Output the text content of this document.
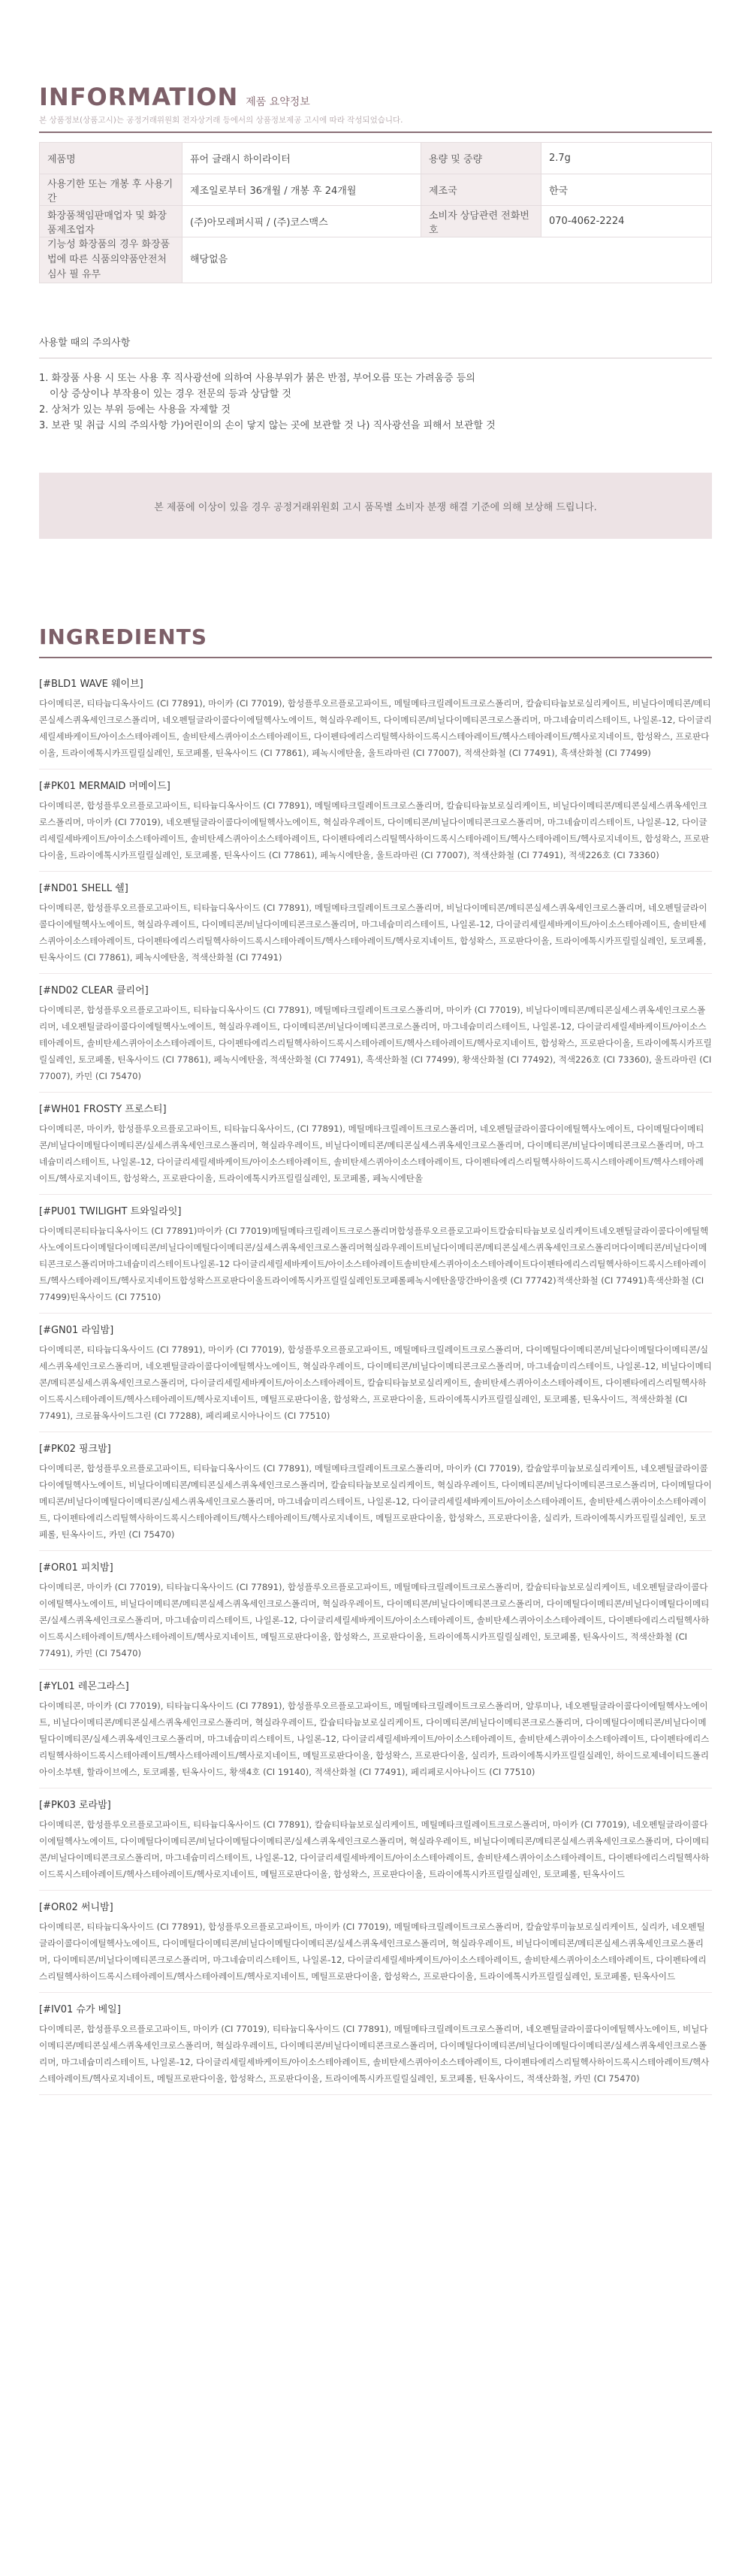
INFORMATION 제품 요약정보
본 상품정보(상품고시)는 공정거래위원회 전자상거래 등에서의 상품정보제공 고시에 따라 작성되었습니다.
제품명	퓨어 글래시 하이라이터	용량 및 중량	2.7g
사용기한 또는 개봉 후 사용기간	제조일로부터 36개월 / 개봉 후 24개월	제조국	한국
화장품책임판매업자 및 화장품제조업자	(주)아모레퍼시픽 / (주)코스맥스	소비자 상담관련 전화번호	070-4062-2224
기능성 화장품의 경우 화장품법에 따른 식품의약품안전처 심사 필 유무	해당없음		
사용할 때의 주의사항
1. 화장품 사용 시 또는 사용 후 직사광선에 의하여 사용부위가 붉은 반점, 부어오름 또는 가려움증 등의
이상 증상이나 부작용이 있는 경우 전문의 등과 상담할 것
2. 상처가 있는 부위 등에는 사용을 자제할 것
3. 보관 및 취급 시의 주의사항 가)어린이의 손이 닿지 않는 곳에 보관할 것 나) 직사광선을 피해서 보관할 것
본 제품에 이상이 있을 경우 공정거래위원회 고시 품목별 소비자 분쟁 해결 기준에 의해 보상해 드립니다.
INGREDIENTS
[#BLD1 WAVE 웨이브]
다이메티콘, 티타늄디옥사이드 (CI 77891), 마이카 (CI 77019), 합성플루오르플로고파이트, 메틸메타크릴레이트크로스폴리머, 칼슘티타늄보로실리케이트, 비닐다이메티콘/메티콘실세스퀴옥세인크로스폴리머, 네오펜틸글라이콜다이에틸헥사노에이트, 혁실라우레이트, 다이메티콘/비닐다이메티콘크로스폴리머, 마그네슘미리스테이트, 나일론-12, 다이글리세릴세바케이트/아이소스테아레이트, 솔비탄세스퀴아이소스테아레이트, 다이펜타에리스리틸헥사하이드록시스테아레이트/헥사스테아레이트/헥사로지네이트, 합성왁스, 프로판다이올, 트라이에톡시카프릴릴실레인, 토코페롤, 틴옥사이드 (CI 77861), 페녹시에탄올, 울트라마린 (CI 77007), 적색산화철 (CI 77491), 흑색산화철 (CI 77499)
[#PK01 MERMAID 머메이드]
다이메티콘, 합성플루오르플로고파이트, 티타늄디옥사이드 (CI 77891), 메틸메타크릴레이트크로스폴리머, 칼슘티타늄보로실리케이트, 비닐다이메티콘/메티콘실세스퀴옥세인크로스폴리머, 마이카 (CI 77019), 네오펜틸글라이콜다이에틸헥사노에이트, 혁실라우레이트, 다이메티콘/비닐다이메티콘크로스폴리머, 마그네슘미리스테이트, 나일론-12, 다이글리세릴세바케이트/아이소스테아레이트, 솔비탄세스퀴아이소스테아레이트, 다이펜타에리스리틸헥사하이드록시스테아레이트/헥사스테아레이트/헥사로지네이트, 합성왁스, 프로판다이올, 트라이에톡시카프릴릴실레인, 토코페롤, 틴옥사이드 (CI 77861), 페녹시에탄올, 울트라마린 (CI 77007), 적색산화철 (CI 77491), 적색226호 (CI 73360)
[#ND01 SHELL 쉘]
다이메티콘, 합성플루오르플로고파이트, 티타늄디옥사이드 (CI 77891), 메틸메타크릴레이트크로스폴리머, 비닐다이메티콘/메티콘실세스퀴옥세인크로스폴리머, 네오펜틸글라이콜다이에틸헥사노에이트, 혁실라우레이트, 다이메티콘/비닐다이메티콘크로스폴리머, 마그네슘미리스테이트, 나일론-12, 다이글리세릴세바케이트/아이소스테아레이트, 솔비탄세스퀴아이소스테아레이트, 다이펜타에리스리틸헥사하이드록시스테아레이트/헥사스테아레이트/헥사로지네이트, 합성왁스, 프로판다이올, 트라이에톡시카프릴릴실레인, 토코페롤, 틴옥사이드 (CI 77861), 페녹시에탄올, 적색산화철 (CI 77491)
[#ND02 CLEAR 클리어]
다이메티콘, 합성플루오르플로고파이트, 티타늄디옥사이드 (CI 77891), 메틸메타크릴레이트크로스폴리머, 마이카 (CI 77019), 비닐다이메티콘/메티콘실세스퀴옥세인크로스폴리머, 네오펜틸글라이콜다이에틸헥사노에이트, 혁실라우레이트, 다이메티콘/비닐다이메티콘크로스폴리머, 마그네슘미리스테이트, 나일론-12, 다이글리세릴세바케이트/아이소스테아레이트, 솔비탄세스퀴아이소스테아레이트, 다이펜타에리스리틸헥사하이드록시스테아레이트/헥사스테아레이트/헥사로지네이트, 합성왁스, 프로판다이올, 트라이에톡시카프릴릴실레인, 토코페롤, 틴옥사이드 (CI 77861), 페녹시에탄올, 적색산화철 (CI 77491), 흑색산화철 (CI 77499), 황색산화철 (CI 77492), 적색226호 (CI 73360), 울트라마린 (CI 77007), 카민 (CI 75470)
[#WH01 FROSTY 프로스티]
다이메티콘, 마이카, 합성플루오르플로고파이트, 티타늄디옥사이드, (CI 77891), 메틸메타크릴레이트크로스폴리머, 네오펜틸글라이콜다이에틸헥사노에이트, 다이메틸다이메티콘/비닐다이메틸다이메티콘/실세스퀴옥세인크로스폴리머, 혁실라우레이트, 비닐다이메티콘/메티콘실세스퀴옥세인크로스폴리머, 다이메티콘/비닐다이메티콘크로스폴리머, 마그네슘미리스테이트, 나일론-12, 다이글리세릴세바케이트/아이소스테아레이트, 솔비탄세스퀴아이소스테아레이트, 다이펜타에리스리틸헥사하이드록시스테아레이트/헥사스테아레이트/헥사로지네이트, 합성왁스, 프로판다이올, 트라이에톡시카프릴릴실레인, 토코페롤, 페녹시에탄올
[#PU01 TWILIGHT 트와일라잇]
다이메티콘티타늄디옥사이드 (CI 77891)마이카 (CI 77019)메틸메타크릴레이트크로스폴리머합성플루오르플로고파이트칼슘티타늄보로실리케이트네오펜틸글라이콜다이에틸헥사노에이트다이메틸다이메티콘/비닐다이메틸다이메티콘/실세스퀴옥세인크로스폴리머혁실라우레이트비닐다이메티콘/메티콘실세스퀴옥세인크로스폴리머다이메티콘/비닐다이메티콘크로스폴리머마그네슘미리스테이트나일론-12 다이글리세릴세바케이트/아이소스테아레이트솔비탄세스퀴아이소스테아레이트다이펜타에리스리틸헥사하이드록시스테아레이트/헥사스테아레이트/헥사로지네이트합성왁스프로판다이올트라이에톡시카프릴릴실레인토코페롤페녹시에탄올망간바이올렛 (CI 77742)적색산화철 (CI 77491)흑색산화철 (CI 77499)틴옥사이드 (CI 77510)
[#GN01 라임밤]
다이메티콘, 티타늄디옥사이드 (CI 77891), 마이카 (CI 77019), 합성플루오르플로고파이트, 메틸메타크릴레이트크로스폴리머, 다이메틸다이메티콘/비닐다이메틸다이메티콘/실세스퀴옥세인크로스폴리머, 네오펜틸글라이콜다이에틸헥사노에이트, 혁실라우레이트, 다이메티콘/비닐다이메티콘크로스폴리머, 마그네슘미리스테이트, 나일론-12, 비닐다이메티콘/메티콘실세스퀴옥세인크로스폴리머, 다이글리세릴세바케이트/아이소스테아레이트, 칼슘티타늄보로실리케이트, 솔비탄세스퀴아이소스테아레이트, 다이펜타에리스리틸헥사하이드록시스테아레이트/헥사스테아레이트/헥사로지네이트, 메틸프로판다이올, 합성왁스, 프로판다이올, 트라이에톡시카프릴릴실레인, 토코페롤, 틴옥사이드, 적색산화철 (CI 77491), 크로뮴옥사이드그린 (CI 77288), 페리페로시아나이드 (CI 77510)
[#PK02 핑크밤]
다이메티콘, 합성플루오르플로고파이트, 티타늄디옥사이드 (CI 77891), 메틸메타크릴레이트크로스폴리머, 마이카 (CI 77019), 칼슘알루미늄보로실리케이트, 네오펜틸글라이콜다이에틸헥사노에이트, 비닐다이메티콘/메티콘실세스퀴옥세인크로스폴리머, 칼슘티타늄보로실리케이트, 혁실라우레이트, 다이메티콘/비닐다이메티콘크로스폴리머, 다이메틸다이메티콘/비닐다이메틸다이메티콘/실세스퀴옥세인크로스폴리머, 마그네슘미리스테이트, 나일론-12, 다이글리세릴세바케이트/아이소스테아레이트, 솔비탄세스퀴아이소스테아레이트, 다이펜타에리스리틸헥사하이드록시스테아레이트/헥사스테아레이트/헥사로지네이트, 메틸프로판다이올, 합성왁스, 프로판다이올, 실리카, 트라이에톡시카프릴릴실레인, 토코페롤, 틴옥사이드, 카민 (CI 75470)
[#OR01 피치밤]
다이메티콘, 마이카 (CI 77019), 티타늄디옥사이드 (CI 77891), 합성플루오르플로고파이트, 메틸메타크릴레이트크로스폴리머, 칼슘티타늄보로실리케이트, 네오펜틸글라이콜다이에틸헥사노에이트, 비닐다이메티콘/메티콘실세스퀴옥세인크로스폴리머, 혁실라우레이트, 다이메티콘/비닐다이메티콘크로스폴리머, 다이메틸다이메티콘/비닐다이메틸다이메티콘/실세스퀴옥세인크로스폴리머, 마그네슘미리스테이트, 나일론-12, 다이글리세릴세바케이트/아이소스테아레이트, 솔비탄세스퀴아이소스테아레이트, 다이펜타에리스리틸헥사하이드록시스테아레이트/헥사스테아레이트/헥사로지네이트, 메틸프로판다이올, 합성왁스, 프로판다이올, 트라이에톡시카프릴릴실레인, 토코페롤, 틴옥사이드, 적색산화철 (CI 77491), 카민 (CI 75470)
[#YL01 레몬그라스]
다이메티콘, 마이카 (CI 77019), 티타늄디옥사이드 (CI 77891), 합성플루오르플로고파이트, 메틸메타크릴레이트크로스폴리머, 알루미나, 네오펜틸글라이콜다이에틸헥사노에이트, 비닐다이메티콘/메티콘실세스퀴옥세인크로스폴리머, 혁실라우레이트, 칼슘티타늄보로실리케이트, 다이메티콘/비닐다이메티콘크로스폴리머, 다이메틸다이메티콘/비닐다이메틸다이메티콘/실세스퀴옥세인크로스폴리머, 마그네슘미리스테이트, 나일론-12, 다이글리세릴세바케이트/아이소스테아레이트, 솔비탄세스퀴아이소스테아레이트, 다이펜타에리스리틸헥사하이드록시스테아레이트/헥사스테아레이트/헥사로지네이트, 메틸프로판다이올, 합성왁스, 프로판다이올, 실리카, 트라이에톡시카프릴릴실레인, 하이드로제네이티드폴리아이소부텐, 할라이브에스, 토코페롤, 틴옥사이드, 황색4호 (CI 19140), 적색산화철 (CI 77491), 페리페로시아나이드 (CI 77510)
[#PK03 로라밤]
다이메티콘, 합성플루오르플로고파이트, 티타늄디옥사이드 (CI 77891), 칼슘티타늄보로실리케이트, 메틸메타크릴레이트크로스폴리머, 마이카 (CI 77019), 네오펜틸글라이콜다이에틸헥사노에이트, 다이메틸다이메티콘/비닐다이메틸다이메티콘/실세스퀴옥세인크로스폴리머, 혁실라우레이트, 비닐다이메티콘/메티콘실세스퀴옥세인크로스폴리머, 다이메티콘/비닐다이메티콘크로스폴리머, 마그네슘미리스테이트, 나일론-12, 다이글리세릴세바케이트/아이소스테아레이트, 솔비탄세스퀴아이소스테아레이트, 다이펜타에리스리틸헥사하이드록시스테아레이트/헥사스테아레이트/헥사로지네이트, 메틸프로판다이올, 합성왁스, 프로판다이올, 트라이에톡시카프릴릴실레인, 토코페롤, 틴옥사이드
[#OR02 써니밤]
다이메티콘, 티타늄디옥사이드 (CI 77891), 합성플루오르플로고파이트, 마이카 (CI 77019), 메틸메타크릴레이트크로스폴리머, 칼슘알루미늄보로실리케이트, 실리카, 네오펜틸글라이콜다이에틸헥사노에이트, 다이메틸다이메티콘/비닐다이메틸다이메티콘/실세스퀴옥세인크로스폴리머, 혁실라우레이트, 비닐다이메티콘/메티콘실세스퀴옥세인크로스폴리머, 다이메티콘/비닐다이메티콘크로스폴리머, 마그네슘미리스테이트, 나일론-12, 다이글리세릴세바케이트/아이소스테아레이트, 솔비탄세스퀴아이소스테아레이트, 다이펜타에리스리틸헥사하이드록시스테아레이트/헥사스테아레이트/헥사로지네이트, 메틸프로판다이올, 합성왁스, 프로판다이올, 트라이에톡시카프릴릴실레인, 토코페롤, 틴옥사이드
[#IV01 슈가 베일]
다이메티콘, 합성플루오르플로고파이트, 마이카 (CI 77019), 티타늄디옥사이드 (CI 77891), 메틸메타크릴레이트크로스폴리머, 네오펜틸글라이콜다이에틸헥사노에이트, 비닐다이메티콘/메티콘실세스퀴옥세인크로스폴리머, 혁실라우레이트, 다이메티콘/비닐다이메티콘크로스폴리머, 다이메틸다이메티콘/비닐다이메틸다이메티콘/실세스퀴옥세인크로스폴리머, 마그네슘미리스테이트, 나일론-12, 다이글리세릴세바케이트/아이소스테아레이트, 솔비탄세스퀴아이소스테아레이트, 다이펜타에리스리틸헥사하이드록시스테아레이트/헥사스테아레이트/헥사로지네이트, 메틸프로판다이올, 합성왁스, 프로판다이올, 트라이에톡시카프릴릴실레인, 토코페롤, 틴옥사이드, 적색산화철, 카민 (CI 75470)
